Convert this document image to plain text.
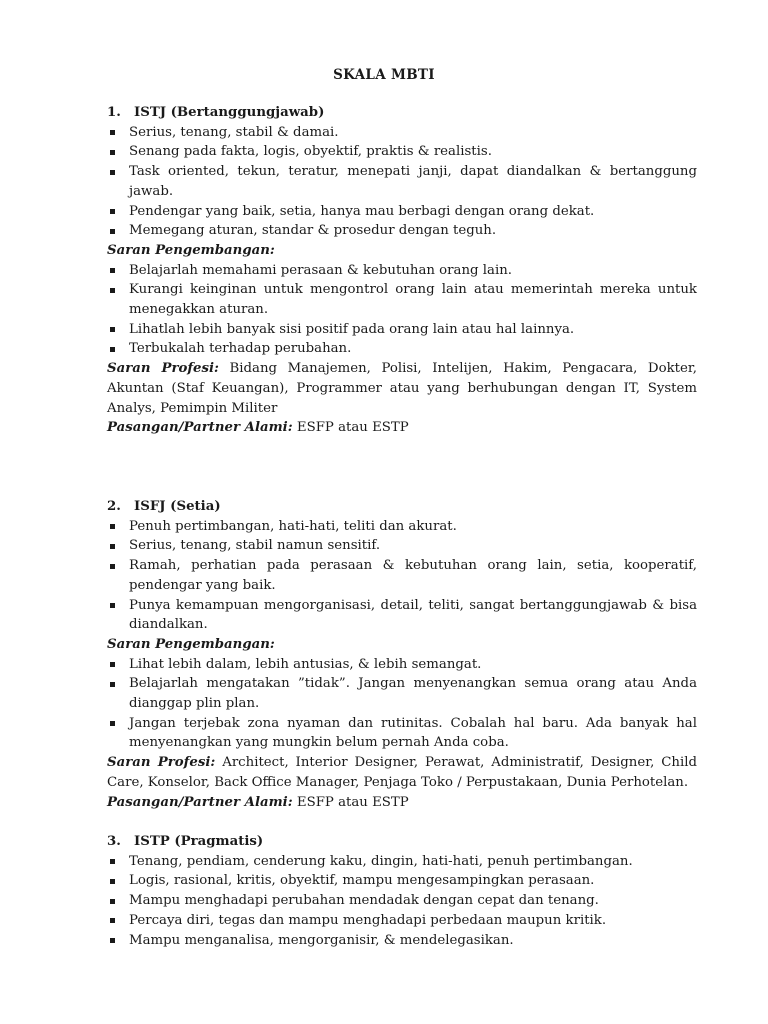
SKALA MBTI
1. ISTJ (Bertanggungjawab)
Serius, tenang, stabil & damai.
Senang pada fakta, logis, obyektif, praktis & realistis.
Task oriented, tekun, teratur, menepati janji, dapat diandalkan & bertanggung jawab.
Pendengar yang baik, setia, hanya mau berbagi dengan orang dekat.
Memegang aturan, standar & prosedur dengan teguh.
Saran Pengembangan:
Belajarlah memahami perasaan & kebutuhan orang lain.
Kurangi keinginan untuk mengontrol orang lain atau memerintah mereka untuk menegakkan aturan.
Lihatlah lebih banyak sisi positif pada orang lain atau hal lainnya.
Terbukalah terhadap perubahan.
Saran Profesi: Bidang Manajemen, Polisi, Intelijen, Hakim, Pengacara, Dokter, Akuntan (Staf Keuangan), Programmer atau yang berhubungan dengan IT, System Analys, Pemimpin Militer
Pasangan/Partner Alami: ESFP atau ESTP
2. ISFJ (Setia)
Penuh pertimbangan, hati-hati, teliti dan akurat.
Serius, tenang, stabil namun sensitif.
Ramah, perhatian pada perasaan & kebutuhan orang lain, setia, kooperatif, pendengar yang baik.
Punya kemampuan mengorganisasi, detail, teliti, sangat bertanggungjawab & bisa diandalkan.
Saran Pengembangan:
Lihat lebih dalam, lebih antusias, & lebih semangat.
Belajarlah mengatakan ”tidak”. Jangan menyenangkan semua orang atau Anda dianggap plin plan.
Jangan terjebak zona nyaman dan rutinitas. Cobalah hal baru. Ada banyak hal menyenangkan yang mungkin belum pernah Anda coba.
Saran Profesi: Architect, Interior Designer, Perawat, Administratif, Designer, Child Care, Konselor, Back Office Manager, Penjaga Toko / Perpustakaan, Dunia Perhotelan.
Pasangan/Partner Alami: ESFP atau ESTP
3. ISTP (Pragmatis)
Tenang, pendiam, cenderung kaku, dingin, hati-hati, penuh pertimbangan.
Logis, rasional, kritis, obyektif, mampu mengesampingkan perasaan.
Mampu menghadapi perubahan mendadak dengan cepat dan tenang.
Percaya diri, tegas dan mampu menghadapi perbedaan maupun kritik.
Mampu menganalisa, mengorganisir, & mendelegasikan.
